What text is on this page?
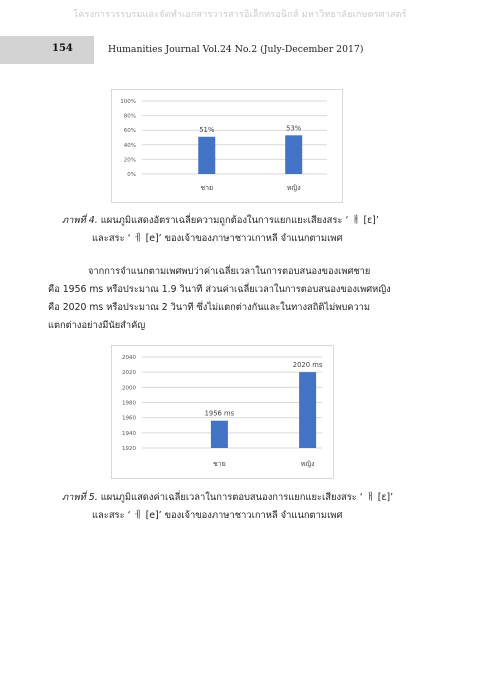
โครงการวรรบรมและจัดทำเอกสารวารสารอิเล็กทรอนิกส์ มหาวิทยาลัยเกษตรศาสตร์
154	Humanities Journal Vol.24 No.2 (July-December 2017)
0%
20%
40%
60%
80%
100%
51%
ชาย
53%
หญิง
ภาพที่ 4. แผนภูมิแสดงอัตราเฉลี่ยความถูกต้องในการแยกแยะเสียงสระ ‘ ㅐ [ɛ]’
และสระ ‘ ㅔ [e]’ ของเจ้าของภาษาชาวเกาหลี จำแนกตามเพศ
จากการจำแนกตามเพศพบว่าค่าเฉลี่ยเวลาในการตอบสนองของเพศชาย
คือ 1956 ms หรือประมาณ 1.9 วินาที ส่วนค่าเฉลี่ยเวลาในการตอบสนองของเพศหญิง
คือ 2020 ms หรือประมาณ 2 วินาที ซึ่งไม่แตกต่างกันและในทางสถิติไม่พบความ
แตกต่างอย่างมีนัยสำคัญ
1920
1940
1960
1980
2000
2020
2040
1956 ms
ชาย
2020 ms
หญิง
ภาพที่ 5. แผนภูมิแสดงค่าเฉลี่ยเวลาในการตอบสนองการแยกแยะเสียงสระ ‘ ㅐ [ɛ]’
และสระ ‘ ㅔ [e]’ ของเจ้าของภาษาชาวเกาหลี จำแนกตามเพศ
